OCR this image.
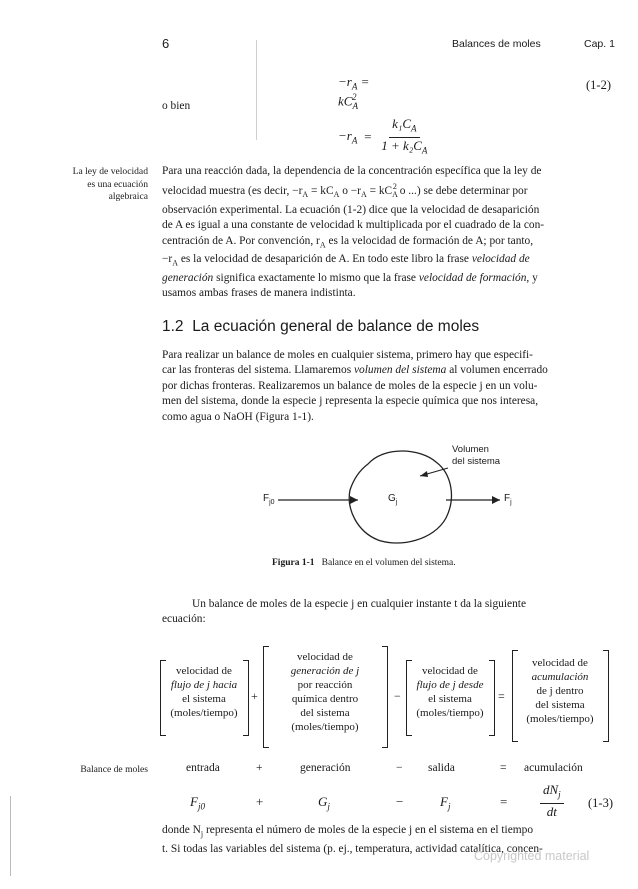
6	Balances de moles	Cap. 1
$-r_A = kC_A^2$
(1-2)
o bien
$-r_A = \frac{k_1C_A}{1 + k_2C_A}$
La ley de velocidad
es una ecuación
algebraica
Para una reacción dada, la dependencia de la concentración específica que la ley de
velocidad muestra (es decir, $-r_A = kC_A$ $o -r_A = kC_A^2$ o ...) se debe determinar por
observación experimental. La ecuación (1-2) dice que la velocidad de desaparición
de A es igual a una constante de velocidad k multiplicada por el cuadrado de la con-
centración de A. Por convención, $r_A$ es la velocidad de formación de A; por tanto,
$-r_A$ es la velocidad de desaparición de A. En todo este libro la frase velocidad de
generación significa exactamente lo mismo que la frase velocidad de formación, y
usamos ambas frases de manera indistinta.
1.2 La ecuación general de balance de moles
Para realizar un balance de moles en cualquier sistema, primero hay que especifi-
car las fronteras del sistema. Llamaremos volumen del sistema al volumen encerrado
por dichas fronteras. Realizaremos un balance de moles de la especie j en un volu-
men del sistema, donde la especie j representa la especie química que nos interesa,
como agua o NaOH (Figura 1-1).
Volumen
del sistema
$F_{j0}$	$G_j$	$F_j$
Figura 1-1 Balance en el volumen del sistema.
Un balance de moles de la especie j en cualquier instante t da la siguiente
ecuación:
velocidad de
flujo de j hacia
el sistema
(moles/tiempo)
+
velocidad de
generación de j
por reacción
química dentro
del sistema
(moles/tiempo)
−
velocidad de
flujo de j desde
el sistema
(moles/tiempo)
=
velocidad de
acumulación
de j dentro
del sistema
(moles/tiempo)
Balance de moles	entrada	+	generación	− salida	= acumulación
$F_{j0}$	+	$G_j$	−	$F_j$	=	$\frac{dN_j}{dt} (1-3)$
donde $N_j$ representa el número de moles de la especie j en el sistema en el tiempo
t. Si todas las variables del sistema (p. ej., temperatura, actividad catalítica, concen-
Copyrighted material
